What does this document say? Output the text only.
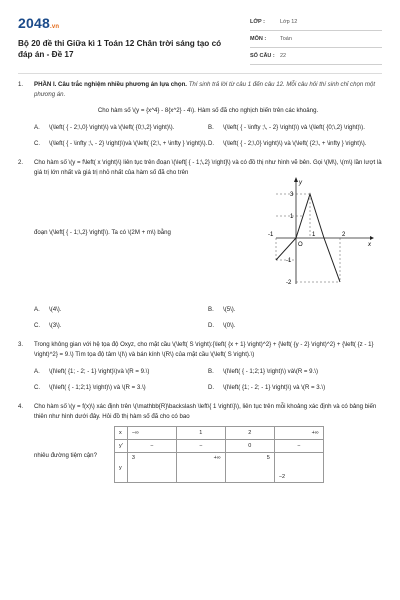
2048.vn
Bộ 20 đề thi Giữa kì 1 Toán 12 Chân trời sáng tạo có đáp án - Đề 17
LỚP :	Lớp 12
MÔN :	Toán
SỐ CÂU : 22
1.	PHẦN I. Câu trắc nghiệm nhiều phương án lựa chọn. Thí sinh trả lời từ câu 1 đến câu 12. Mỗi câu hỏi thí sinh chỉ chọn một phương án.
Cho hàm số \(y = {x^4} - 8{x^2} - 4\). Hàm số đã cho nghịch biến trên các khoảng.
A.	\(\left( { - 2;\,0} \right)\) và \(\left( {0;\,2} \right)\).	B.	\(\left( { - \infty ;\, - 2} \right)\) và \(\left( {0;\,2} \right)\).
C.	\(\left( { - \infty ;\, - 2} \right)\)và \(\left( {2;\, + \infty } \right)\). D.	\(\left( { - 2;\,0} \right)\) và \(\left( {2;\, + \infty } \right)\).
2.	Cho hàm số \(y = f\left( x \right)\) liên tục trên đoạn \(\left[ { - 1;\,2} \right]\) và có đồ thị như hình vẽ bên. Gọi \(M\), \(m\) lần lượt là giá trị lớn nhất và giá trị nhỏ nhất của hàm số đã cho trên
đoạn \(\left[ { - 1;\,2} \right]\). Ta có \(2M + m\) bằng
y
x
O
3
1
-1
-2
-1	1	2
A.	\(4\).	B.	\(5\).
C.	\(3\).	D.	\(0\).
3.	Trong không gian với hệ tọa độ Oxyz, cho mặt cầu \(\left( S \right):{\left( {x + 1} \right)^2} + {\left( {y - 2} \right)^2} + {\left( {z - 1} \right)^2} = 9.\) Tìm tọa độ tâm \(I\) và bán kính \(R\) của mặt cầu \(\left( S \right).\)
A.	\(I\left( {1; - 2; - 1} \right)\)và \(R = 9.\)	B.	\(I\left( { - 1;2;1} \right)\) và\(R = 9.\)
C.	\(I\left( { - 1;2;1} \right)\) và \(R = 3.\)	D.	\(I\left( {1; - 2; - 1} \right)\) và \(R = 3.\)
4.	Cho hàm số \(y = f(x)\) xác định trên \(\mathbb{R}\backslash \left\{ 1 \right\}\), liên tục trên mỗi khoảng xác định và có bảng biến thiên như hình dưới đây. Hỏi đồ thị hàm số đã cho có bao
x	−∞	1	2	+∞
y'	−	−	0	−
y	3	+∞	5	−2
nhiêu đường tiệm cận?
